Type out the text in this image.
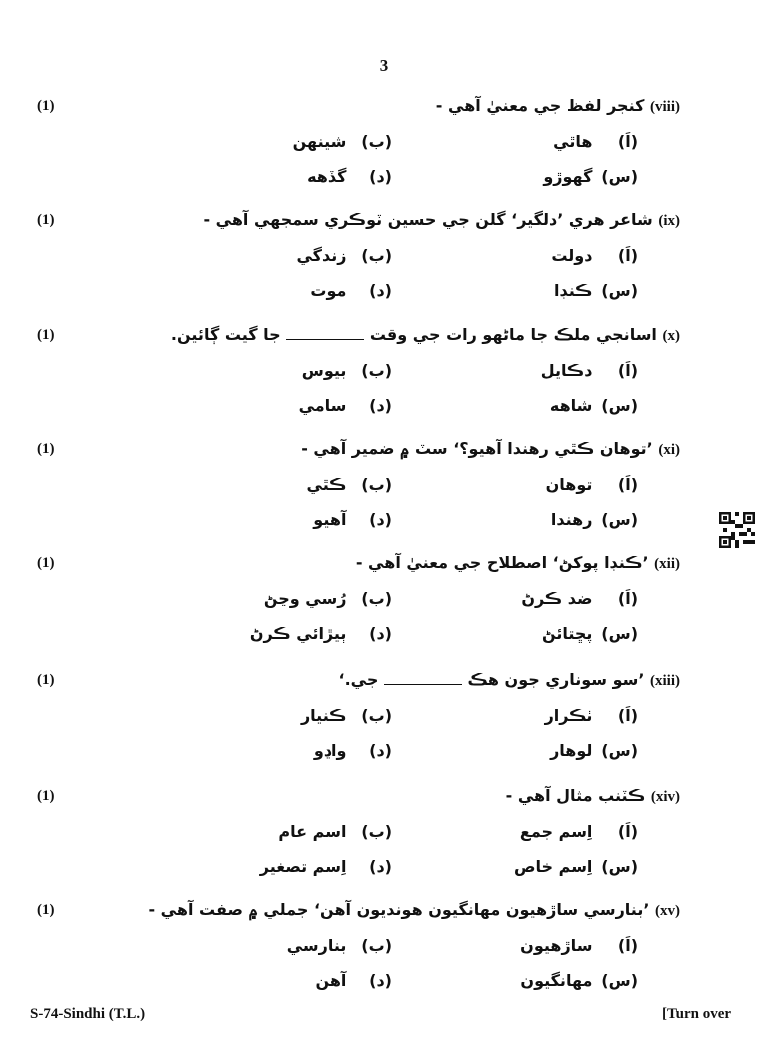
3
(1)	(viii) كنجر لفظ جي معنيٰ آهي -
(اَ) هاٿي
(ب) شينهن
(س) گهوڙو
(د) گڏهه
(1)	(ix) شاعر هري ’دلگير‘ گلن جي حسين ٽوڪري سمجهي آهي -
(اَ) دولت
(ب) زندگي
(س) ڪنڊا
(د) موت
(1)	(x) اسانجي ملڪ جا ماڻهو رات جي وقت  جا گيت ڳائين.
(اَ) دڪايل
(ب) بيوس
(س) شاهه
(د) سامي
(1)	(xi) ’توهان ڪٿي رهندا آهيو؟‘ سٽ ۾ ضمير آهي -
(اَ) توهان
(ب) ڪٿي
(س) رهندا
(د) آهيو
(1)	(xii) ’ڪنڊا پوکڻ‘ اصطلاح جي معنيٰ آهي -
(اَ) ضد ڪرڻ
(ب) رُسي وڃڻ
(س) پڇتائڻ
(د) ٻيڙائي ڪرڻ
(1)	(xiii) ’سو سوناري جون هڪ  جي.‘
(اَ) ٺڪرار
(ب) ڪنيار
(س) لوهار
(د) واڍو
(1)	(xiv) ڪٽنب مثال آهي -
(اَ) اِسم جمع
(ب) اسم عام
(س) اِسم خاص
(د) اِسم تصغير
(1)	(xv) ’بنارسي ساڙهيون مهانگيون هونديون آهن‘ جملي ۾ صفت آهي -
(اَ) ساڙهيون
(ب) بنارسي
(س) مهانگيون
(د) آهن
S-74-Sindhi (T.L.)	[Turn over
